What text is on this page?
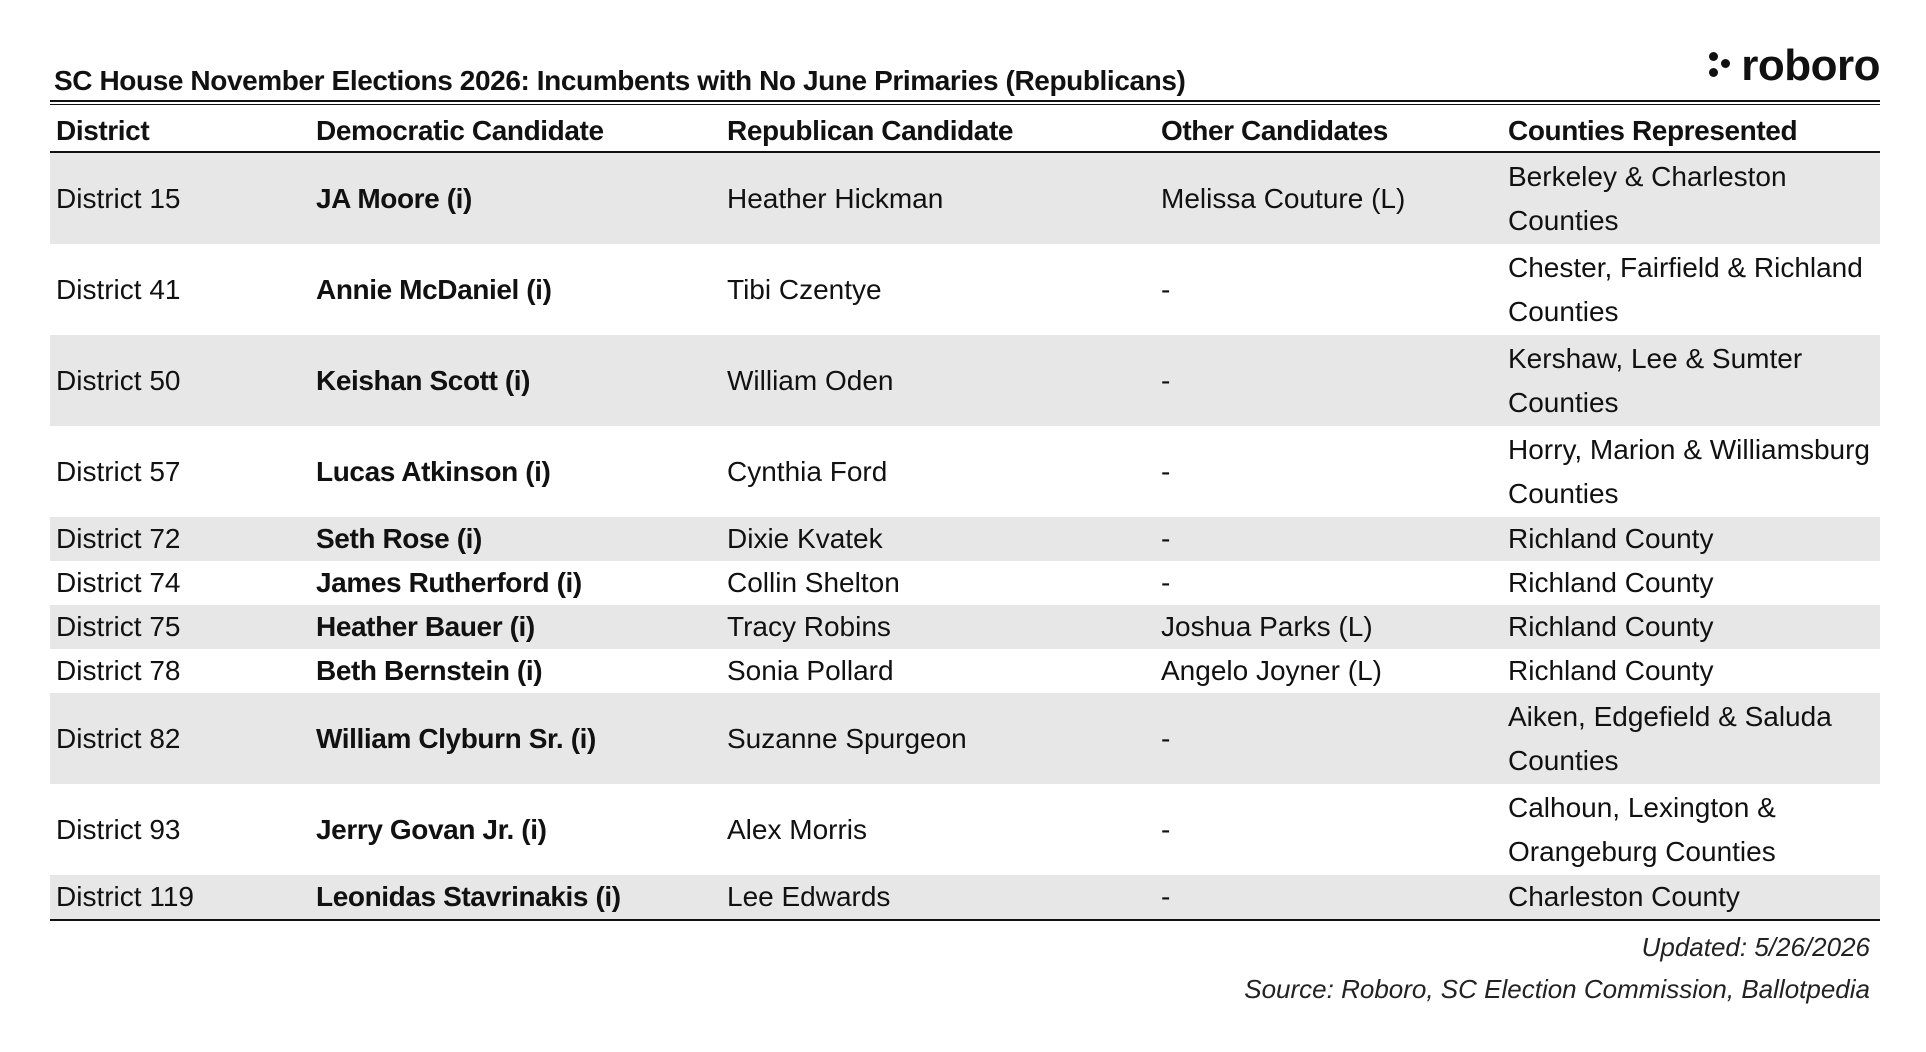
SC House November Elections 2026: Incumbents with No June Primaries (Republicans)	roboro
District	Democratic Candidate	Republican Candidate	Other Candidates	Counties Represented
District 15	JA Moore (i)	Heather Hickman	Melissa Couture (L)	Berkeley & Charleston Counties
District 41	Annie McDaniel (i)	Tibi Czentye	-	Chester, Fairfield & Richland Counties
District 50	Keishan Scott (i)	William Oden	-	Kershaw, Lee & Sumter Counties
District 57	Lucas Atkinson (i)	Cynthia Ford	-	Horry, Marion & Williamsburg Counties
District 72	Seth Rose (i)	Dixie Kvatek	-	Richland County
District 74	James Rutherford (i)	Collin Shelton	-	Richland County
District 75	Heather Bauer (i)	Tracy Robins	Joshua Parks (L)	Richland County
District 78	Beth Bernstein (i)	Sonia Pollard	Angelo Joyner (L)	Richland County
District 82	William Clyburn Sr. (i)	Suzanne Spurgeon	-	Aiken, Edgefield & Saluda Counties
District 93	Jerry Govan Jr. (i)	Alex Morris	-	Calhoun, Lexington & Orangeburg Counties
District 119	Leonidas Stavrinakis (i)	Lee Edwards	-	Charleston County
Updated: 5/26/2026
Source: Roboro, SC Election Commission, Ballotpedia
